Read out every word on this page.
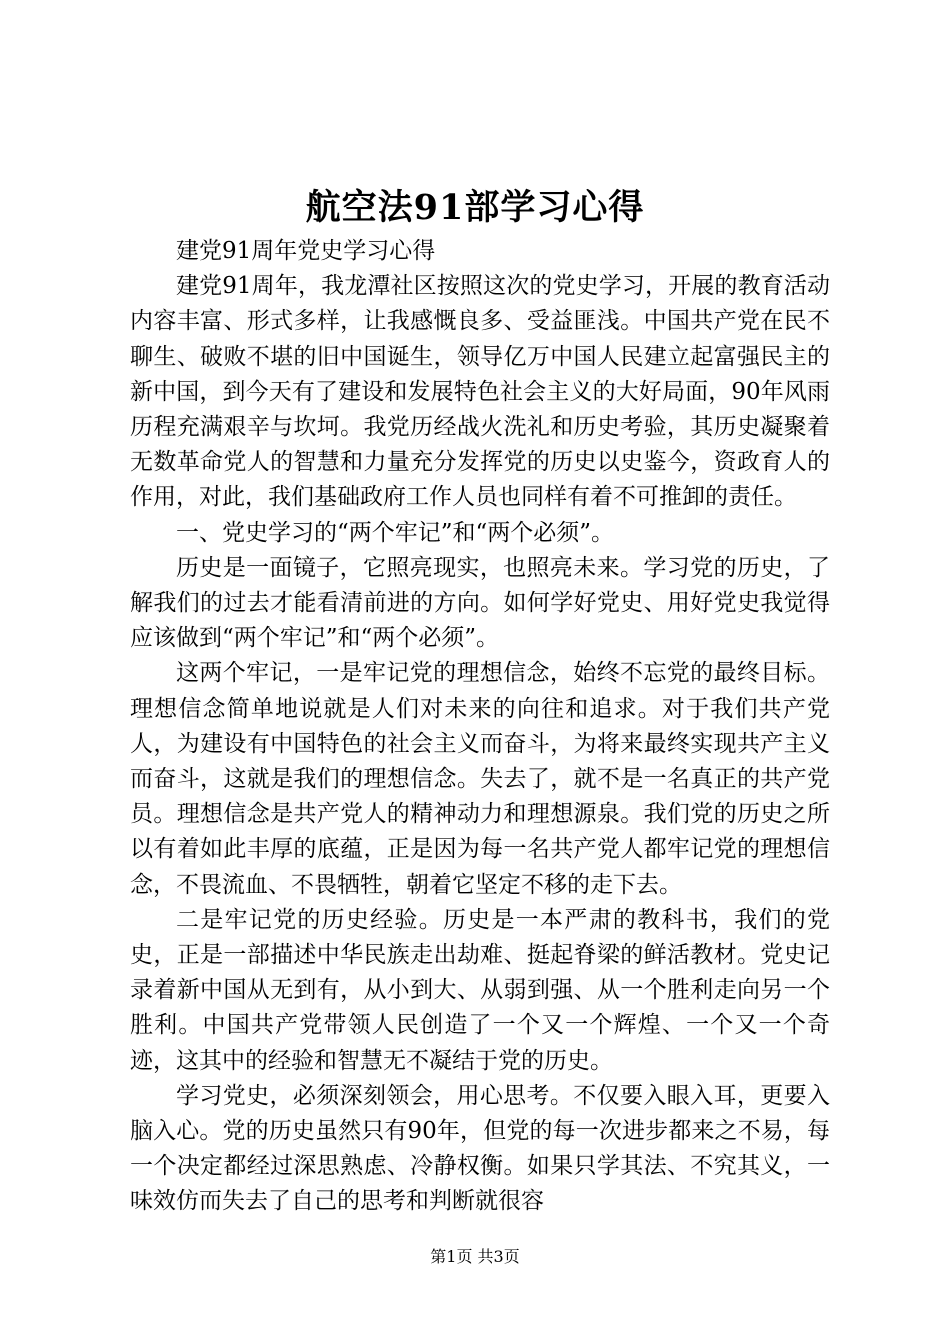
航空法91部学习心得

建党91周年党史学习心得

建党91周年，我龙潭社区按照这次的党史学习，开展的教育活动内容丰富、形式多样，让我感慨良多、受益匪浅。中国共产党在民不聊生、破败不堪的旧中国诞生，领导亿万中国人民建立起富强民主的新中国，到今天有了建设和发展特色社会主义的大好局面，90年风雨历程充满艰辛与坎坷。我党历经战火洗礼和历史考验，其历史凝聚着无数革命党人的智慧和力量充分发挥党的历史以史鉴今，资政育人的作用，对此，我们基础政府工作人员也同样有着不可推卸的责任。

一、党史学习的“两个牢记”和“两个必须”。

历史是一面镜子，它照亮现实，也照亮未来。学习党的历史，了解我们的过去才能看清前进的方向。如何学好党史、用好党史我觉得应该做到“两个牢记”和“两个必须”。

这两个牢记，一是牢记党的理想信念，始终不忘党的最终目标。理想信念简单地说就是人们对未来的向往和追求。对于我们共产党人，为建设有中国特色的社会主义而奋斗，为将来最终实现共产主义而奋斗，这就是我们的理想信念。失去了，就不是一名真正的共产党员。理想信念是共产党人的精神动力和理想源泉。我们党的历史之所以有着如此丰厚的底蕴，正是因为每一名共产党人都牢记党的理想信念，不畏流血、不畏牺牲，朝着它坚定不移的走下去。

二是牢记党的历史经验。历史是一本严肃的教科书，我们的党史，正是一部描述中华民族走出劫难、挺起脊梁的鲜活教材。党史记录着新中国从无到有，从小到大、从弱到强、从一个胜利走向另一个胜利。中国共产党带领人民创造了一个又一个辉煌、一个又一个奇迹，这其中的经验和智慧无不凝结于党的历史。

学习党史，必须深刻领会，用心思考。不仅要入眼入耳，更要入脑入心。党的历史虽然只有90年，但党的每一次进步都来之不易，每一个决定都经过深思熟虑、冷静权衡。如果只学其法、不究其义，一味效仿而失去了自己的思考和判断就很容

第1页 共3页
